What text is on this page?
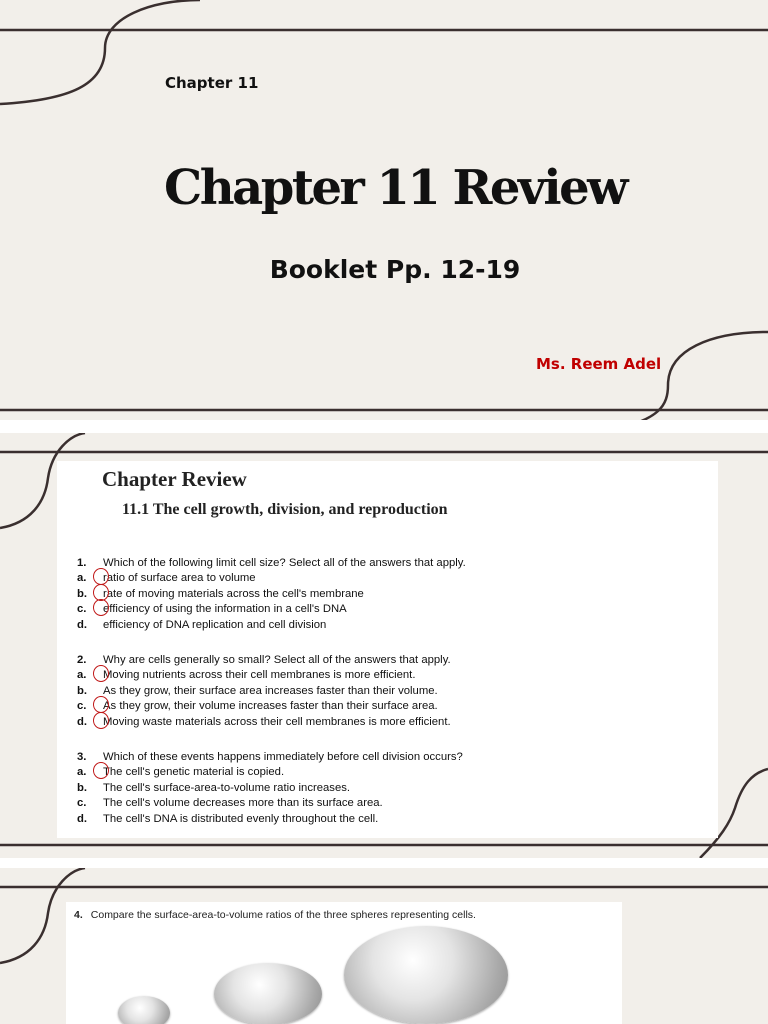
Chapter 11
Chapter 11 Review
Booklet Pp. 12-19
Ms. Reem Adel
Chapter Review
11.1 The cell growth, division, and reproduction
1. Which of the following limit cell size? Select all of the answers that apply.
a. ratio of surface area to volume
b. rate of moving materials across the cell's membrane
c. efficiency of using the information in a cell's DNA
d. efficiency of DNA replication and cell division
2. Why are cells generally so small? Select all of the answers that apply.
a. Moving nutrients across their cell membranes is more efficient.
b. As they grow, their surface area increases faster than their volume.
c. As they grow, their volume increases faster than their surface area.
d. Moving waste materials across their cell membranes is more efficient.
3. Which of these events happens immediately before cell division occurs?
a. The cell's genetic material is copied.
b. The cell's surface-area-to-volume ratio increases.
c. The cell's volume decreases more than its surface area.
d. The cell's DNA is distributed evenly throughout the cell.
4. Compare the surface-area-to-volume ratios of the three spheres representing cells.
